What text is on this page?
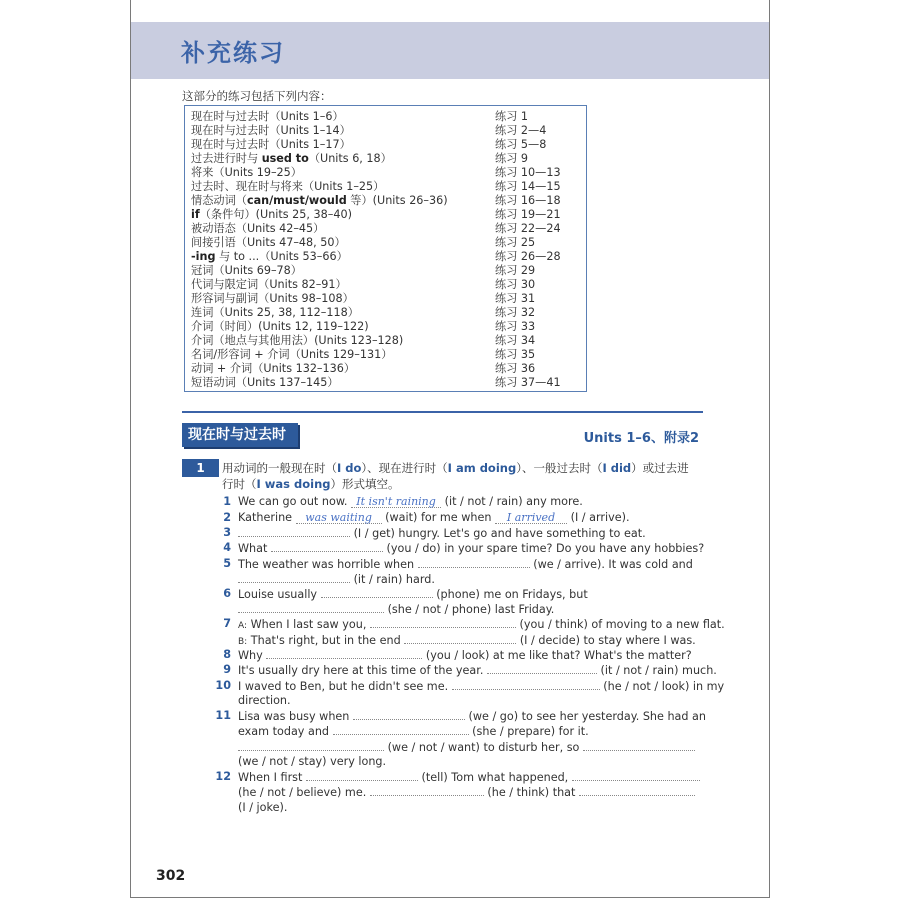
补充练习
这部分的练习包括下列内容：
现在时与过去时（Units 1–6）	练习 1
现在时与过去时（Units 1–14）	练习 2—4
现在时与过去时（Units 1–17）	练习 5—8
过去进行时与 used to（Units 6, 18）	练习 9
将来（Units 19–25）	练习 10—13
过去时、现在时与将来（Units 1–25）	练习 14—15
情态动词（can/must/would 等）(Units 26–36)	练习 16—18
if（条件句）(Units 25, 38–40)	练习 19—21
被动语态（Units 42–45）	练习 22—24
间接引语（Units 47–48, 50）	练习 25
-ing 与 to ...（Units 53–66）	练习 26—28
冠词（Units 69–78）	练习 29
代词与限定词（Units 82–91）	练习 30
形容词与副词（Units 98–108）	练习 31
连词（Units 25, 38, 112–118）	练习 32
介词（时间）(Units 12, 119–122)	练习 33
介词（地点与其他用法）(Units 123–128)	练习 34
名词/形容词 + 介词（Units 129–131）	练习 35
动词 + 介词（Units 132–136）	练习 36
短语动词（Units 137–145）	练习 37—41
现在时与过去时	Units 1–6、附录2
1	用动词的一般现在时（I do）、现在进行时（I am doing）、一般过去时（I did）或过去进
行时（I was doing）形式填空。
1 We can go out now. It isn't raining (it / not / rain) any more.
2 Katherine was waiting (wait) for me when I arrived (I / arrive).
3	(I / get) hungry. Let's go and have something to eat.
4 What	(you / do) in your spare time? Do you have any hobbies?
5 The weather was horrible when	(we / arrive). It was cold and
(it / rain) hard.
6 Louise usually	(phone) me on Fridays, but
(she / not / phone) last Friday.
7 A: When I last saw you,	(you / think) of moving to a new flat.
B: That's right, but in the end	(I / decide) to stay where I was.
8 Why	(you / look) at me like that? What's the matter?
9 It's usually dry here at this time of the year.	(it / not / rain) much.
10 I waved to Ben, but he didn't see me.	(he / not / look) in my
direction.
11 Lisa was busy when	(we / go) to see her yesterday. She had an
exam today and	(she / prepare) for it.
(we / not / want) to disturb her, so
(we / not / stay) very long.
12 When I first	(tell) Tom what happened,
(he / not / believe) me.	(he / think) that
(I / joke).
302
